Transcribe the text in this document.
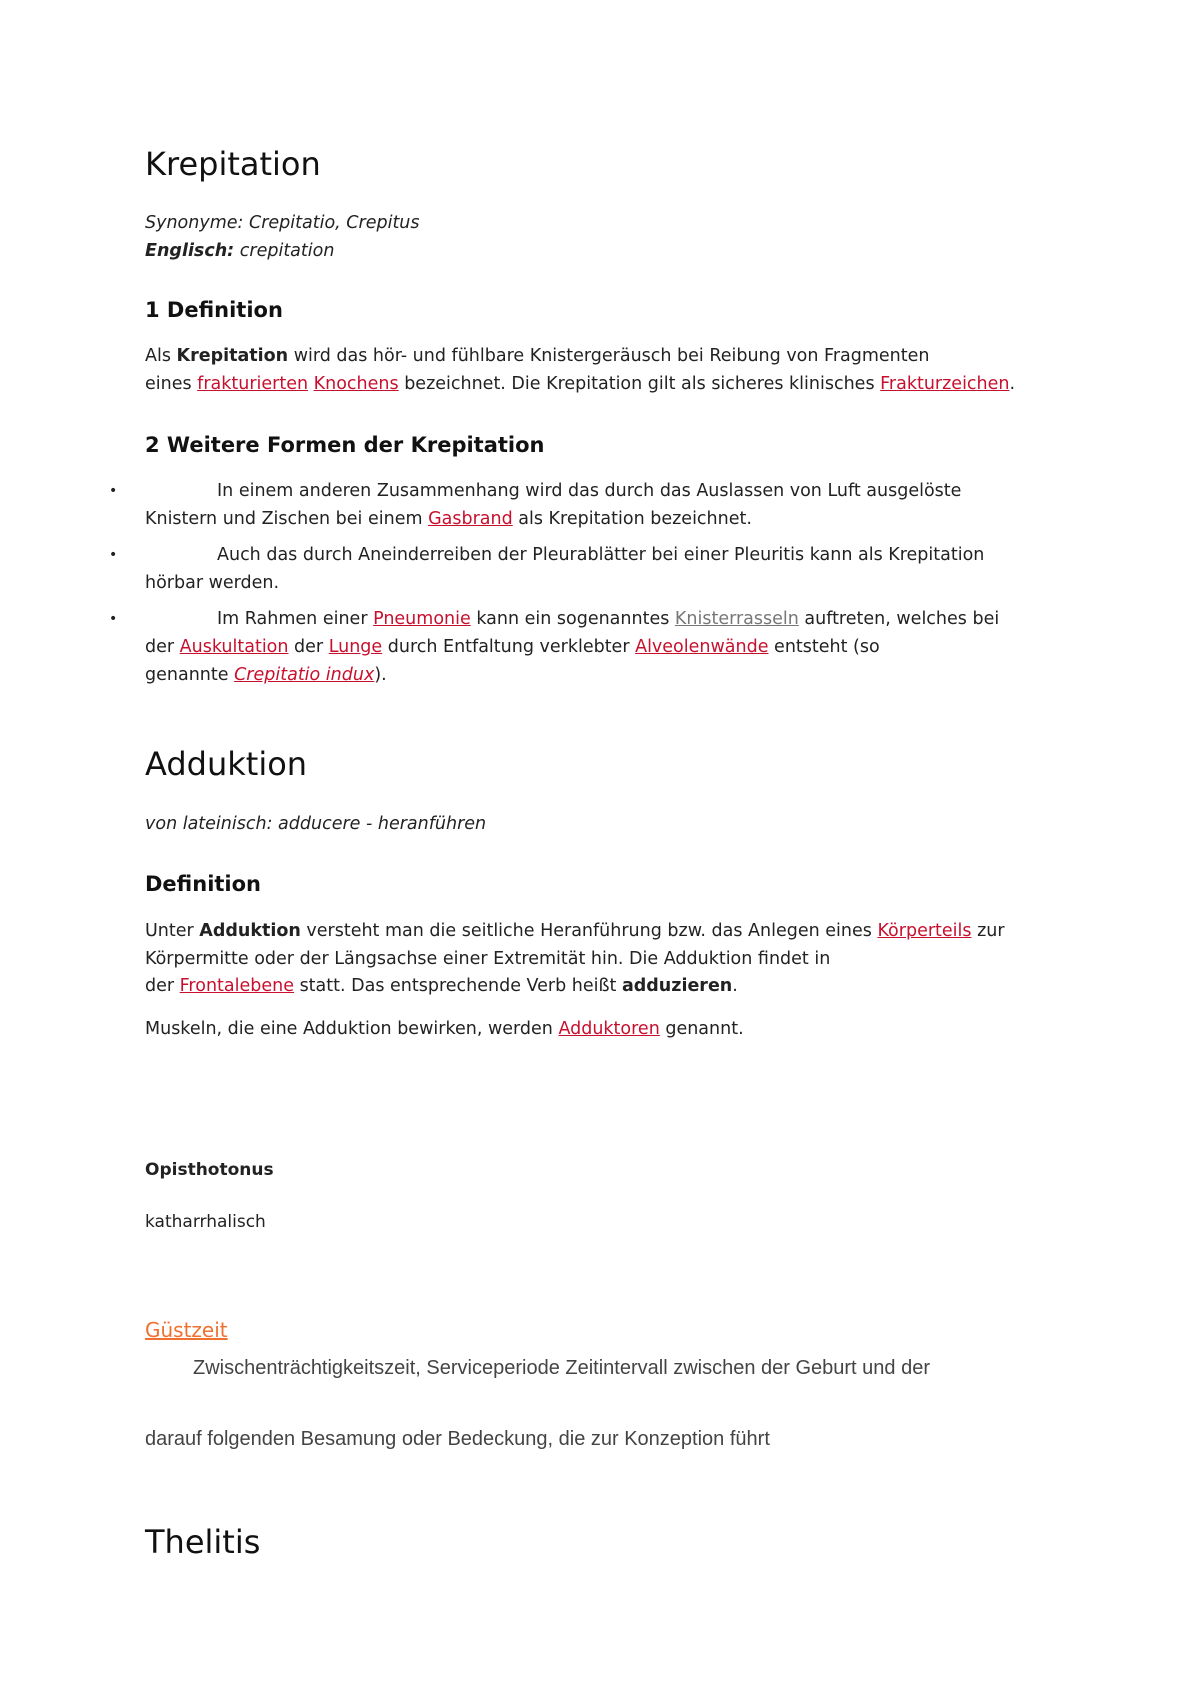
Krepitation
Synonyme: Crepitatio, Crepitus
Englisch: crepitation
1 Definition
Als Krepitation wird das hör- und fühlbare Knistergeräusch bei Reibung von Fragmenten
eines frakturierten Knochens bezeichnet. Die Krepitation gilt als sicheres klinisches Frakturzeichen.
2 Weitere Formen der Krepitation
•	In einem anderen Zusammenhang wird das durch das Auslassen von Luft ausgelöste
Knistern und Zischen bei einem Gasbrand als Krepitation bezeichnet.
•	Auch das durch Aneinderreiben der Pleurablätter bei einer Pleuritis kann als Krepitation
hörbar werden.
•	Im Rahmen einer Pneumonie kann ein sogenanntes Knisterrasseln auftreten, welches bei
der Auskultation der Lunge durch Entfaltung verklebter Alveolenwände entsteht (so
genannte Crepitatio indux).
Adduktion
von lateinisch: adducere - heranführen
Definition
Unter Adduktion versteht man die seitliche Heranführung bzw. das Anlegen eines Körperteils zur
Körpermitte oder der Längsachse einer Extremität hin. Die Adduktion findet in
der Frontalebene statt. Das entsprechende Verb heißt adduzieren.
Muskeln, die eine Adduktion bewirken, werden Adduktoren genannt.
Opisthotonus
katharrhalisch
Güstzeit
Zwischenträchtigkeitszeit, Serviceperiode Zeitintervall zwischen der Geburt und der
darauf folgenden Besamung oder Bedeckung, die zur Konzeption führt
Thelitis
